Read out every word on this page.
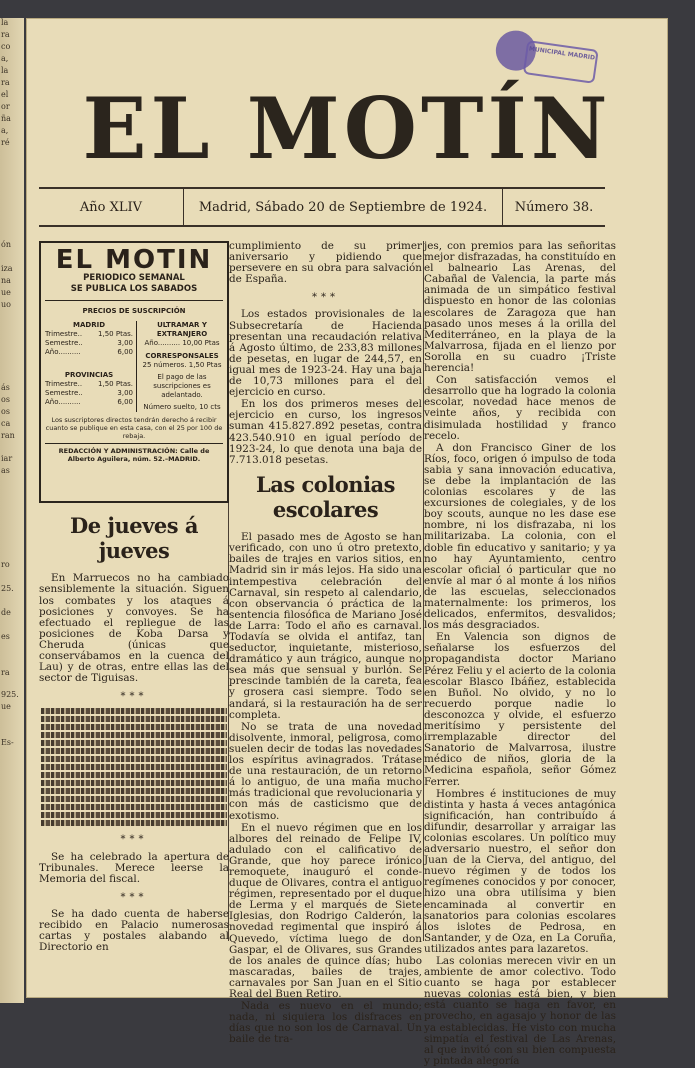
la
ra
co
a,
la
ra
el
or
ña
a,
ré
ón
iza
na
ue
uo
ás
os
os
ca
ran
iar
as
ro
25.
de
es
ra
925.
ue
Es-
MUNICIPAL MADRID
EL MOTÍN
Año XLIV	Madrid, Sábado 20 de Septiembre de 1924.	Número 38.
EL MOTIN
PERIODICO SEMANAL
SE PUBLICA LOS SABADOS
PRECIOS DE SUSCRIPCIÓN
MADRID
Trimestre.. 1,50 Ptas.
Semestre..	3,00
Año..........	6,00
PROVINCIAS
Trimestre.. 1,50 Ptas.
Semestre..	3,00
Año..........	6,00
ULTRAMAR Y EXTRANJERO
Año.......... 10,00 Ptas
CORRESPONSALES
25 números. 1,50 Ptas
El pago de las suscripciones es adelantado.
Número suelto, 10 cts
Los suscriptores directos tendrán derecho á recibir cuanto se publique en esta casa, con el 25 por 100 de rebaja.
REDACCIÓN Y ADMINISTRACIÓN: Calle de Alberto Aguilera, núm. 52.–MADRID.
De jueves á jueves

En Marruecos no ha cambiado sensiblemente la situación. Siguen los combates y los ataques á posiciones y convoyes. Se ha efectuado el repliegue de las posiciones de Koba Darsa y Cheruda (únicas que conservábamos en la cuenca del Lau) y de otras, entre ellas las del sector de Tiguisas.

***
***

Se ha celebrado la apertura de Tribunales. Merece leerse la Memoria del fiscal.

***

Se ha dado cuenta de haberse recibido en Palacio numerosas cartas y postales alabando al Directorio en

cumplimiento de su primer aniversario y pidiendo que persevere en su obra para salvación de España.

***

Los estados provisionales de la Subsecretaría de Hacienda presentan una recaudación relativa á Agosto último, de 233,83 millones de pesetas, en lugar de 244,57, en igual mes de 1923-24. Hay una baja de 10,73 millones para el del ejercicio en curso.

En los dos primeros meses del ejercicio en curso, los ingresos suman 415.827.892 pesetas, contra 423.540.910 en igual período de 1923-24, lo que denota una baja de 7.713.018 pesetas.

Las colonias escolares

El pasado mes de Agosto se han verificado, con uno ú otro pretexto, bailes de trajes en varios sitios, en Madrid sin ir más lejos. Ha sido una intempestiva celebración del Carnaval, sin respeto al calendario, con observancia ó práctica de la sentencia filosófica de Mariano José de Larra: Todo el año es carnaval. Todavía se olvida el antifaz, tan seductor, inquietante, misterioso, dramático y aun trágico, aunque no sea más que sensual y burlón. Se prescinde también de la careta, fea y grosera casi siempre. Todo se andará, si la restauración ha de ser completa.

No se trata de una novedad disolvente, inmoral, peligrosa, como suelen decir de todas las novedades los espíritus avinagrados. Trátase de una restauración, de un retorno á lo antiguo, de una maña mucho más tradicional que revolucionaria y con más de casticismo que de exotismo.

En el nuevo régimen que en los albores del reinado de Felipe IV, adulado con el calificativo de Grande, que hoy parece irónico remoquete, inauguró el conde-duque de Olivares, contra el antiguo régimen, representado por el duque de Lerma y el marqués de Siete Iglesias, don Rodrigo Calderón, la novedad regimental que inspiró á Quevedo, víctima luego de don Gaspar, el de Olivares, sus Grandes de los anales de quince días; hubo mascaradas, bailes de trajes, carnavales por San Juan en el Sitio Real del Buen Retiro.

Nada es nuevo en el mundo; nada, ni siquiera los disfraces en días que no son los de Carnaval. Un baile de tra-

jes, con premios para las señoritas mejor disfrazadas, ha constituído en el balneario Las Arenas, del Cabañal de Valencia, la parte más animada de un simpático festival dispuesto en honor de las colonias escolares de Zaragoza que han pasado unos meses á la orilla del Mediterráneo, en la playa de la Malvarrosa, fijada en el lienzo por Sorolla en su cuadro ¡Triste herencia!

Con satisfacción vemos el desarrollo que ha logrado la colonia escolar, novedad hace menos de veinte años, y recibida con disimulada hostilidad y franco recelo.

A don Francisco Giner de los Ríos, foco, origen ó impulso de toda sabia y sana innovación educativa, se debe la implantación de las colonias escolares y de las excursiones de colegiales, y de los boy scouts, aunque no les dase ese nombre, ni los disfrazaba, ni los militarizaba. La colonia, con el doble fin educativo y sanitario; y ya no hay Ayuntamiento, centro escolar oficial ó particular que no envíe al mar ó al monte á los niños de las escuelas, seleccionados maternalmente: los primeros, los delicados, enfermitos, desvalidos; los más desgraciados.

En Valencia son dignos de señalarse los esfuerzos del propagandista doctor Mariano Pérez Feliu y el acierto de la colonia escolar Blasco Ibáñez, establecida en Buñol. No olvido, y no lo recuerdo porque nadie lo desconozca y olvide, el esfuerzo meritísimo y persistente del irremplazable director del Sanatorio de Malvarrosa, ilustre médico de niños, gloria de la Medicina española, señor Gómez Ferrer.

Hombres é instituciones de muy distinta y hasta á veces antagónica significación, han contribuído á difundir, desarrollar y arraigar las colonias escolares. Un político muy adversario nuestro, el señor don Juan de la Cierva, del antiguo, del nuevo régimen y de todos los regímenes conocidos y por conocer, hizo una obra utilísima y bien encaminada al convertir en sanatorios para colonias escolares los islotes de Pedrosa, en Santander, y de Oza, en La Coruña, utilizados antes para lazaretos.

Las colonias merecen vivir en un ambiente de amor colectivo. Todo cuanto se haga por establecer nuevas colonias está bien, y bien está cuanto se haga en favor, en provecho, en agasajo y honor de las ya establecidas. He visto con mucha simpatía el festival de Las Arenas, al que invitó con su bien compuesta y pintada alegoría
